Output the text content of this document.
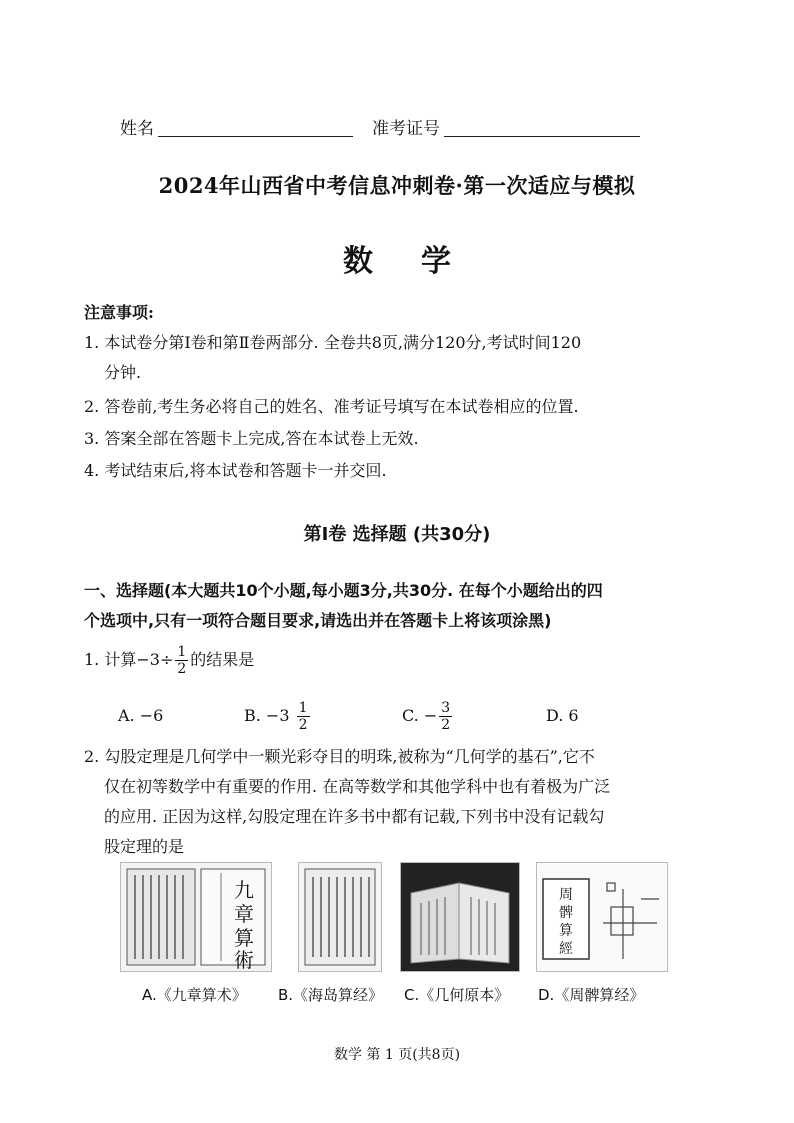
姓名	准考证号
2024年山西省中考信息冲刺卷·第一次适应与模拟
数学
注意事项:
1. 本试卷分第Ⅰ卷和第Ⅱ卷两部分. 全卷共8页,满分120分,考试时间120
分钟.
2. 答卷前,考生务必将自己的姓名、准考证号填写在本试卷相应的位置.
3. 答案全部在答题卡上完成,答在本试卷上无效.
4. 考试结束后,将本试卷和答题卡一并交回.
第Ⅰ卷 选择题 (共30分)
一、选择题(本大题共10个小题,每小题3分,共30分. 在每个小题给出的四
个选项中,只有一项符合题目要求,请选出并在答题卡上将该项涂黑)
1. 计算$-3\div \frac{1}{2}$ 的结果是
A. −6	B. $-3 \frac{1}{2}$	C. − $\frac{3}{2}$	D. 6
2. 勾股定理是几何学中一颗光彩夺目的明珠,被称为“几何学的基石”,它不
仅在初等数学中有重要的作用. 在高等数学和其他学科中也有着极为广泛
的应用. 正因为这样,勾股定理在许多书中都有记载,下列书中没有记载勾
股定理的是
九
章
算
術
周
髀
算
經
A.《九章算术》 B.《海岛算经》 C.《几何原本》 D.《周髀算经》
数学 第 1 页(共8页)
